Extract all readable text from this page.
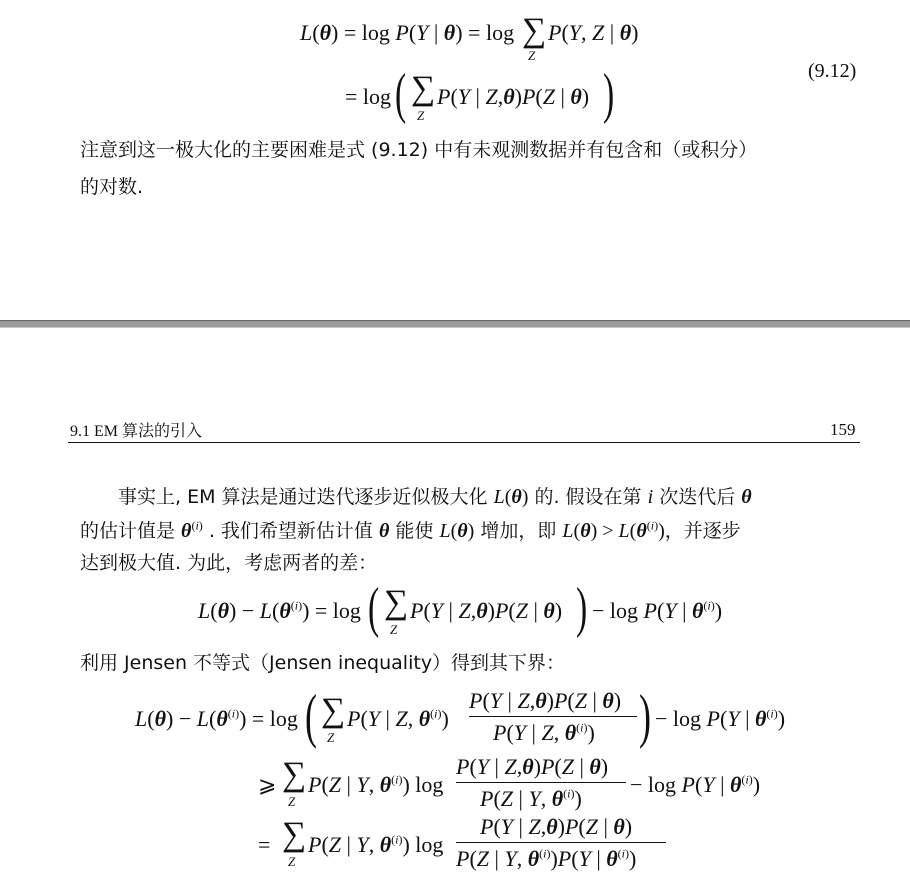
L(θ) = log P(Y | θ) = log ∑
Z
P(Y, Z | θ)
= log ( ∑
Z
P(Y | Z,θ)P(Z | θ) )	(9.12)
注意到这一极大化的主要困难是式 (9.12) 中有未观测数据并有包含和（或积分）
的对数.
9.1 EM 算法的引入	159
事实上, EM 算法是通过迭代逐步近似极大化 L(θ) 的. 假设在第 i 次迭代后 θ
的估计值是 $\theta^{(i)}$ . 我们希望新估计值 θ 能使 L(θ) 增加，即 $L(\theta) > L(\theta^{(i)})$，并逐步
达到极大值. 为此，考虑两者的差：
$L(\theta) - L(\theta^{(i)}) = \log$ ( ∑
Z
P(Y | Z,θ)P(Z | θ) ) − log P(Y | $\theta^{(i)}$)
利用 Jensen 不等式（Jensen inequality）得到其下界：
$L(\theta) - L(\theta^{(i)}) = \log$ ( ∑
Z
P(Y | Z, $\theta^{(i)}$)
P(Y | Z,θ)P(Z | θ)
P(Y | Z, $\theta^{(i)}$) ) − log P(Y | $\theta^{(i)}$)
⩾ ∑
Z
P(Z | Y, $\theta^{(i)}$) log
P(Y | Z,θ)P(Z | θ)
P(Z | Y, $\theta^{(i)}$)
− log P(Y | $\theta^{(i)}$)
= ∑
Z
P(Z | Y, $\theta^{(i)}$) log
P(Y | Z,θ)P(Z | θ)
P(Z | Y, $\theta^{(i)})P(Y$ | $\theta^{(i)}$)
